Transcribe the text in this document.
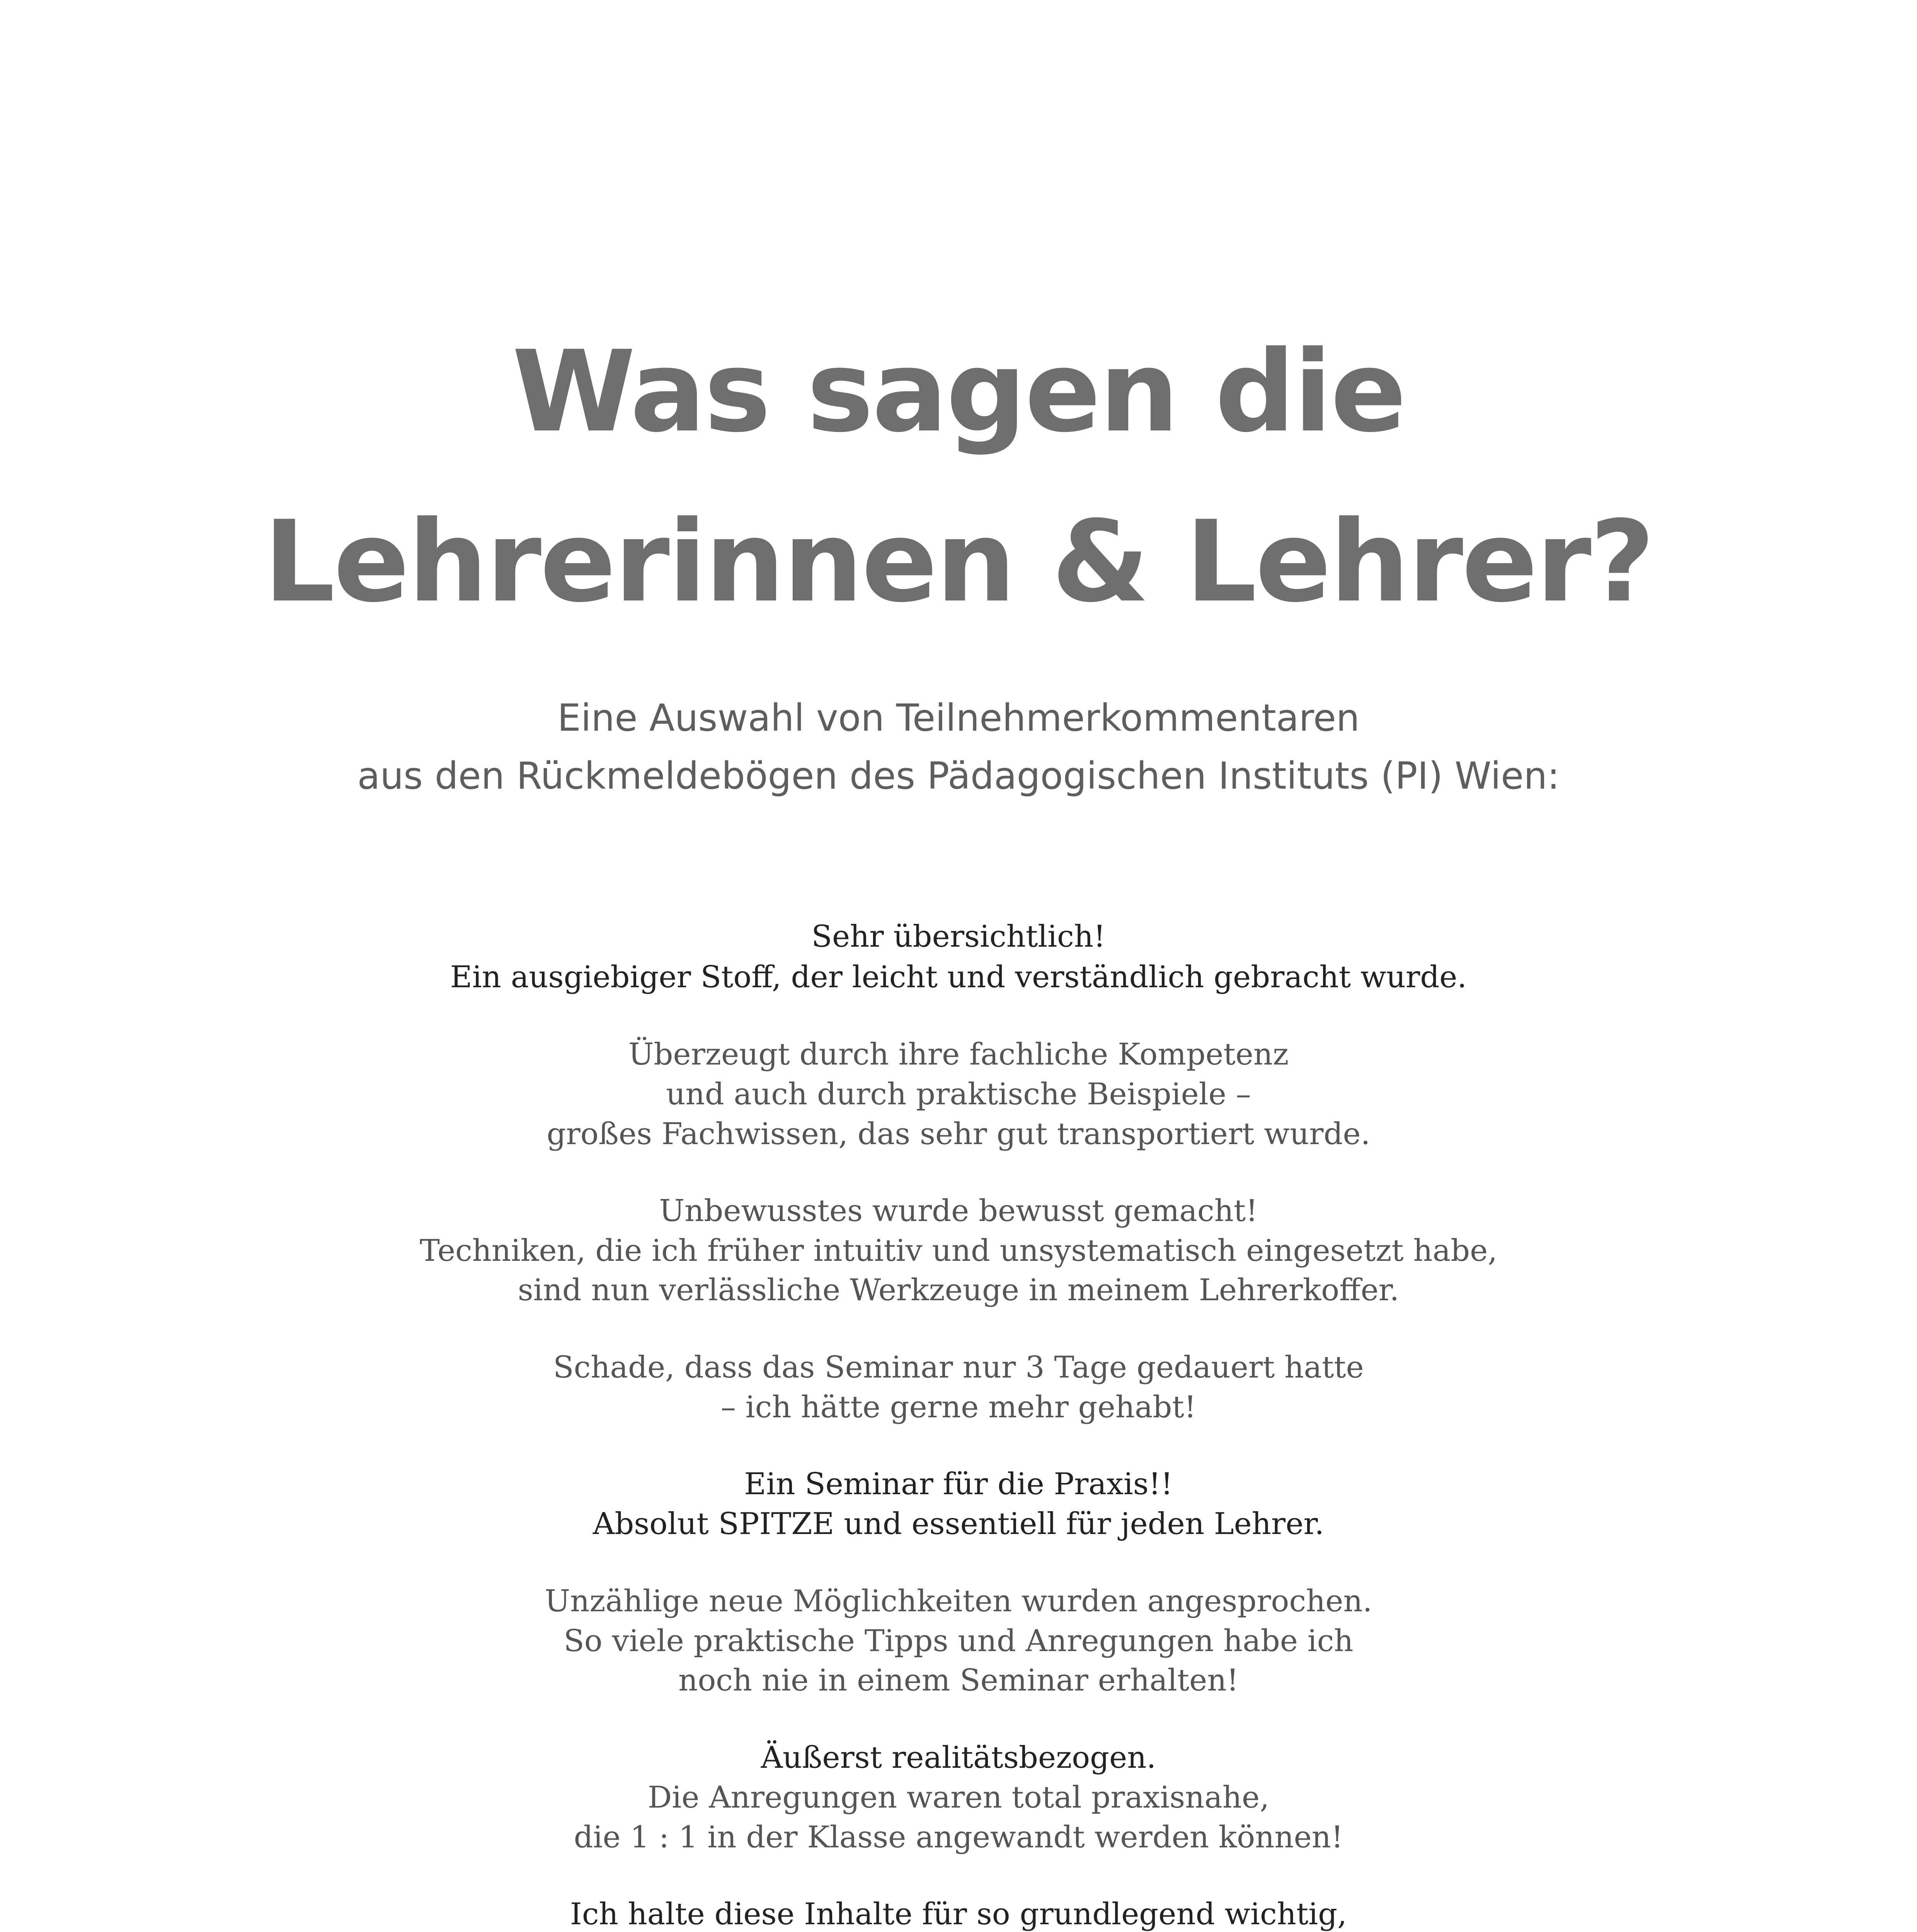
Was sagen die
Lehrerinnen & Lehrer?

Eine Auswahl von Teilnehmerkommentaren

aus den Rückmeldebögen des Pädagogischen Instituts (PI) Wien:

Sehr übersichtlich!

Ein ausgiebiger Stoff, der leicht und verständlich gebracht wurde.

Überzeugt durch ihre fachliche Kompetenz

und auch durch praktische Beispiele –

großes Fachwissen, das sehr gut transportiert wurde.

Unbewusstes wurde bewusst gemacht!

Techniken, die ich früher intuitiv und unsystematisch eingesetzt habe,

sind nun verlässliche Werkzeuge in meinem Lehrerkoffer.

Schade, dass das Seminar nur 3 Tage gedauert hatte

– ich hätte gerne mehr gehabt!

Ein Seminar für die Praxis!!

Absolut SPITZE und essentiell für jeden Lehrer.

Unzählige neue Möglichkeiten wurden angesprochen.

So viele praktische Tipps und Anregungen habe ich

noch nie in einem Seminar erhalten!

Äußerst realitätsbezogen.

Die Anregungen waren total praxisnahe,

die 1 : 1 in der Klasse angewandt werden können!

Ich halte diese Inhalte für so grundlegend wichtig,
